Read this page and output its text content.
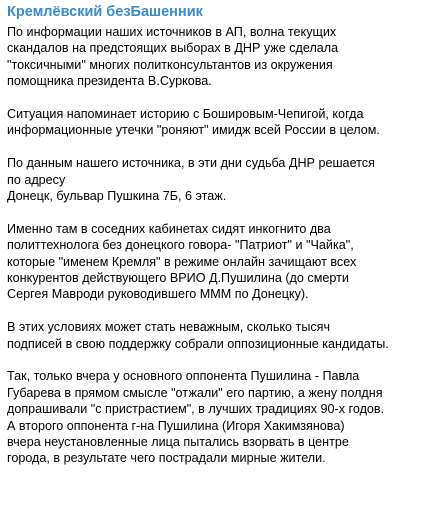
Кремлёвский безБашенник
По информации наших источников в АП, волна текущих
скандалов на предстоящих выборах в ДНР уже сделала
"токсичными" многих политконсультантов из окружения
помощника президента В.Суркова.
Ситуация напоминает историю с Боширoвым-Чепигой, когда
информационные утечки "роняют" имидж всей России в целом.
По данным нашего источника, в эти дни судьба ДНР решается
по адресу
Донецк, бульвар Пушкина 7Б, 6 этаж.
Именно там в соседних кабинетах сидят инкогнито два
политтехнолога без донецкого говора- "Патриот" и "Чайка",
которые "именем Кремля" в режиме онлайн зачищают всех
конкурентов действующего ВРИО Д.Пушилина (до смерти
Сергея Мавроди руководившего МММ по Донецку).
В этих условиях может стать неважным, сколько тысяч
подписей в свою поддержку собрали оппозиционные кандидаты.
Так, только вчера у основного оппонента Пушилина - Павла
Губарева в прямом смысле "отжали" его партию, а жену полдня
допрашивали "с пристрастием", в лучших традициях 90-х годов.
А второго оппонента г-на Пушилина (Игоря Хакимзянова)
вчера неустановленные лица пытались взорвать в центре
города, в результате чего пострадали мирные жители.
